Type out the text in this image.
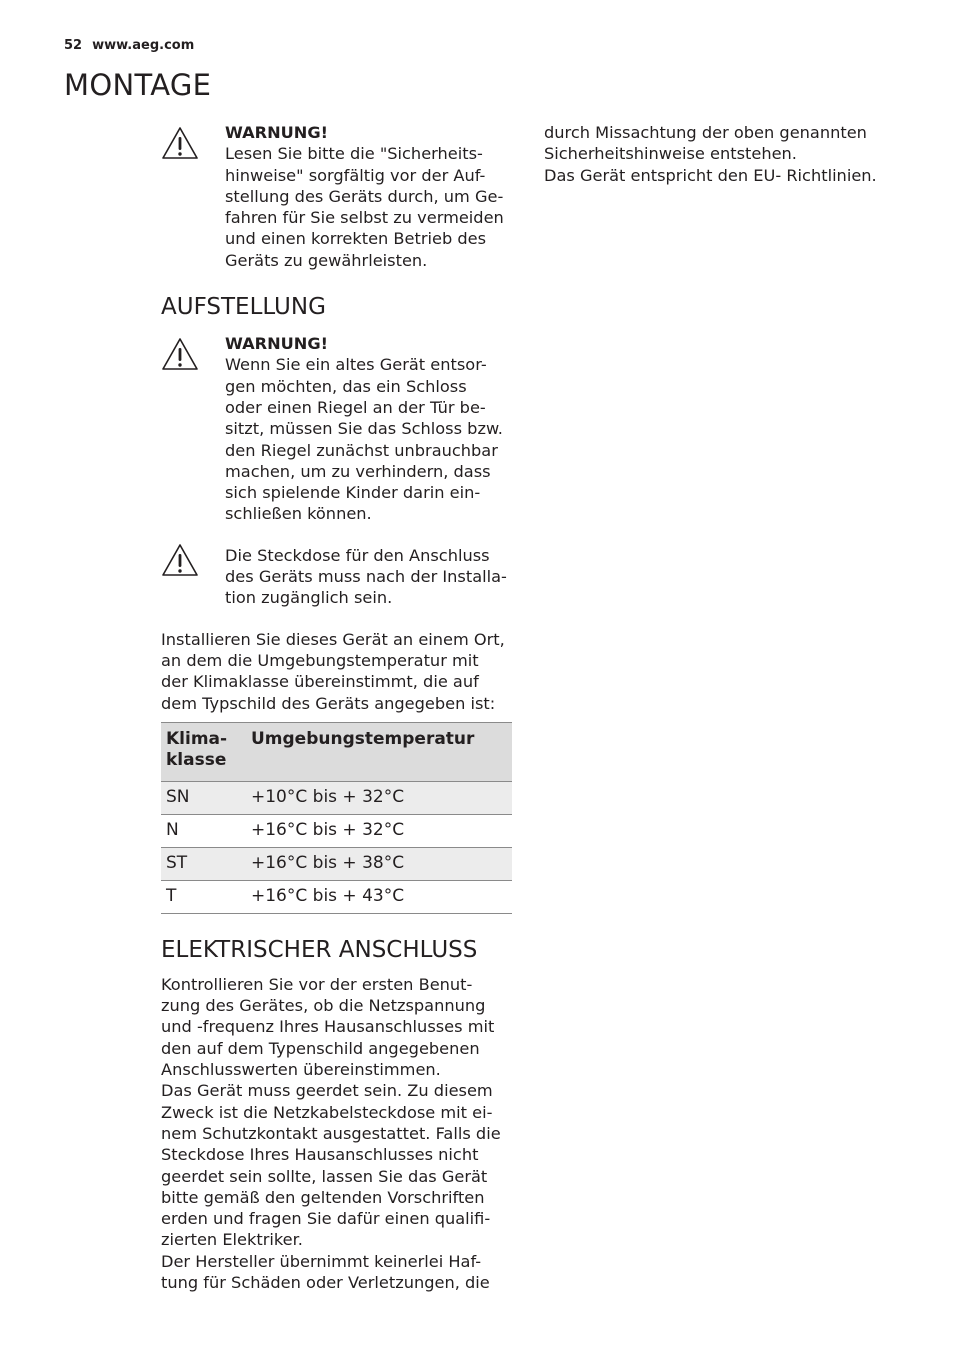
52 www.aeg.com
MONTAGE
WARNUNG!
Lesen Sie bitte die "Sicherheits-
hinweise" sorgfältig vor der Auf-
stellung des Geräts durch, um Ge-
fahren für Sie selbst zu vermeiden
und einen korrekten Betrieb des
Geräts zu gewährleisten.
AUFSTELLUNG
WARNUNG!
Wenn Sie ein altes Gerät entsor-
gen möchten, das ein Schloss
oder einen Riegel an der Tür be-
sitzt, müssen Sie das Schloss bzw.
den Riegel zunächst unbrauchbar
machen, um zu verhindern, dass
sich spielende Kinder darin ein-
schließen können.
Die Steckdose für den Anschluss
des Geräts muss nach der Installa-
tion zugänglich sein.
Installieren Sie dieses Gerät an einem Ort,
an dem die Umgebungstemperatur mit
der Klimaklasse übereinstimmt, die auf
dem Typschild des Geräts angegeben ist:
Klima-
klasse	Umgebungstemperatur
SN	+10°C bis + 32°C
N	+16°C bis + 32°C
ST	+16°C bis + 38°C
T	+16°C bis + 43°C
ELEKTRISCHER ANSCHLUSS
Kontrollieren Sie vor der ersten Benut-
zung des Gerätes, ob die Netzspannung
und -frequenz Ihres Hausanschlusses mit
den auf dem Typenschild angegebenen
Anschlusswerten übereinstimmen.
Das Gerät muss geerdet sein. Zu diesem
Zweck ist die Netzkabelsteckdose mit ei-
nem Schutzkontakt ausgestattet. Falls die
Steckdose Ihres Hausanschlusses nicht
geerdet sein sollte, lassen Sie das Gerät
bitte gemäß den geltenden Vorschriften
erden und fragen Sie dafür einen qualifi-
zierten Elektriker.
Der Hersteller übernimmt keinerlei Haf-
tung für Schäden oder Verletzungen, die
durch Missachtung der oben genannten
Sicherheitshinweise entstehen.
Das Gerät entspricht den EU- Richtlinien.
